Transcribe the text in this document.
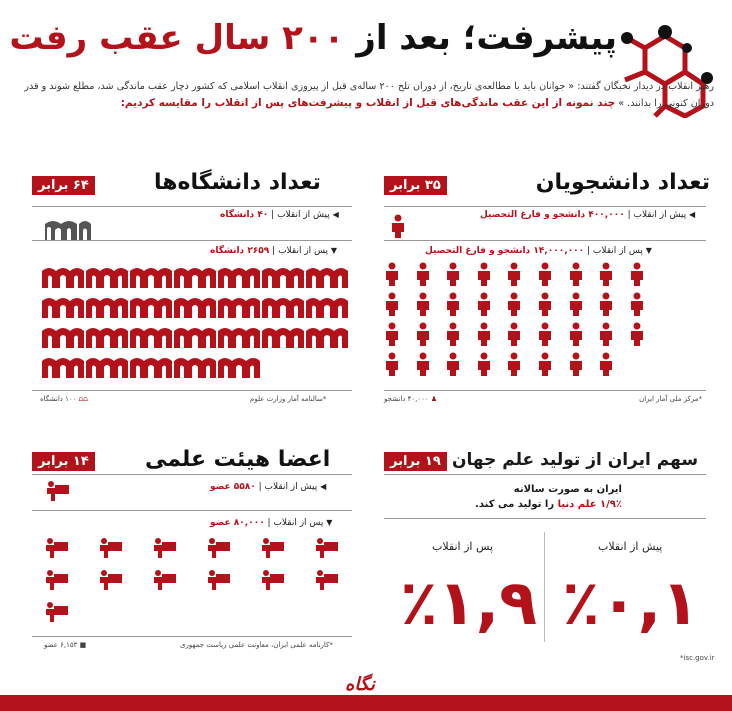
پیشرفت؛ بعد از ۲۰۰ سال عقب رفت
رهبر انقلاب در دیدار نخبگان گفتند: « جوانان باید با مطالعه‌ی تاریخ، از دوران تلخ ۲۰۰ ساله‌ی قبل از پیروزی انقلاب اسلامی که کشور دچار عقب ماندگی شد، مطلع شوند و قدر دوران کنونی را بدانند. » چند نمونه از این عقب ماندگی‌های قبل از انقلاب و پیشرفت‌های پس از انقلاب را مقایسه کردیم:
تعداد دانشجویان
۳۵ برابر
◀ پیش از انقلاب | ۴۰۰,۰۰۰ دانشجو و فارغ التحصیل
▼ پس از انقلاب | ۱۴,۰۰۰,۰۰۰ دانشجو و فارغ التحصیل
♟ ۴۰,۰۰۰ دانشجو	*مرکز ملی آمار ایران
تعداد دانشگاه‌ها
۶۴ برابر
◀ پیش از انقلاب | ۴۰ دانشگاه
▼ پس از انقلاب | ۲۶۵۹ دانشگاه
⩍⩍ ۱۰۰ دانشگاه	*سالنامه آمار وزارت علوم
اعضا هیئت علمی
۱۴ برابر
◀ پیش از انقلاب | ۵۵۸۰ عضو
▼ پس از انقلاب | ۸۰,۰۰۰ عضو
■ ۶,۱۵۳ عضو	*کارنامه علمی ایران، معاونت علمی ریاست جمهوری
۱۹ برابر سهم ایران از تولید علم جهان
ایران به صورت سالانه
۱/۹٪ علم دنیا را تولید می کند.
پیش از انقلاب
پس از انقلاب
٪۰,۱
٪۱,۹
*isc.gov.ir
نگاه
